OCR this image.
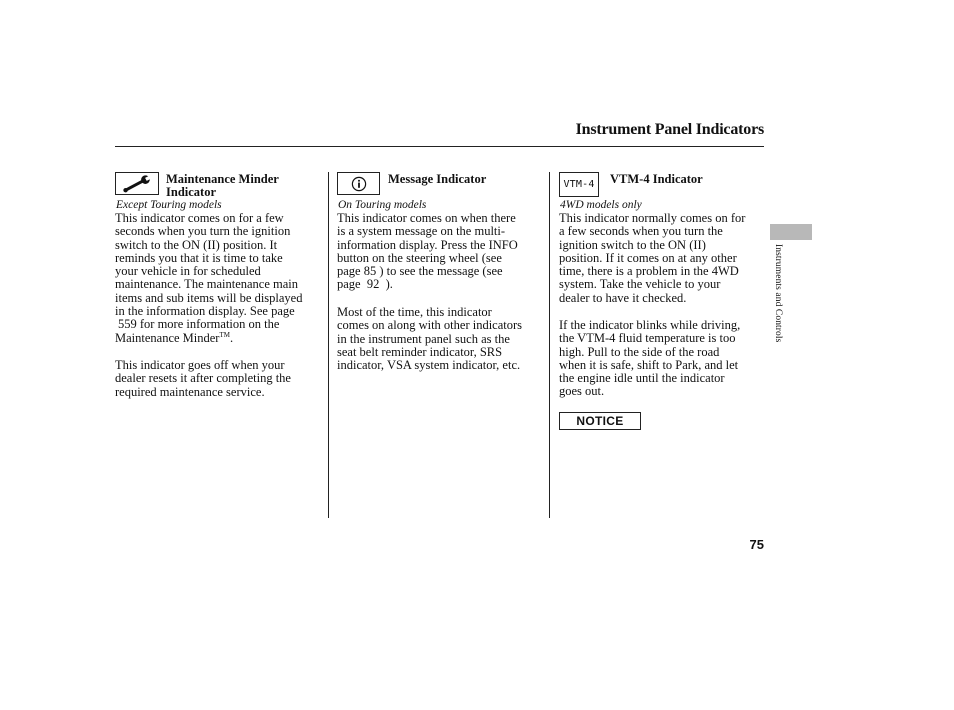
Instrument Panel Indicators
Instruments and Controls
Maintenance Minder
Indicator
Except Touring models
This indicator comes on for a few
seconds when you turn the ignition
switch to the ON (II) position. It
reminds you that it is time to take
your vehicle in for scheduled
maintenance. The maintenance main
items and sub items will be displayed
in the information display. See page
559 for more information on the
Maintenance Minder™.
This indicator goes off when your
dealer resets it after completing the
required maintenance service.
Message Indicator
On Touring models
This indicator comes on when there
is a system message on the multi-
information display. Press the INFO
button on the steering wheel (see
page 85 ) to see the message (see
page  92  ).
Most of the time, this indicator
comes on along with other indicators
in the instrument panel such as the
seat belt reminder indicator, SRS
indicator, VSA system indicator, etc.
VTM-4	VTM-4 Indicator
4WD models only
This indicator normally comes on for
a few seconds when you turn the
ignition switch to the ON (II)
position. If it comes on at any other
time, there is a problem in the 4WD
system. Take the vehicle to your
dealer to have it checked.
If the indicator blinks while driving,
the VTM-4 fluid temperature is too
high. Pull to the side of the road
when it is safe, shift to Park, and let
the engine idle until the indicator
goes out.
NOTICE
75
